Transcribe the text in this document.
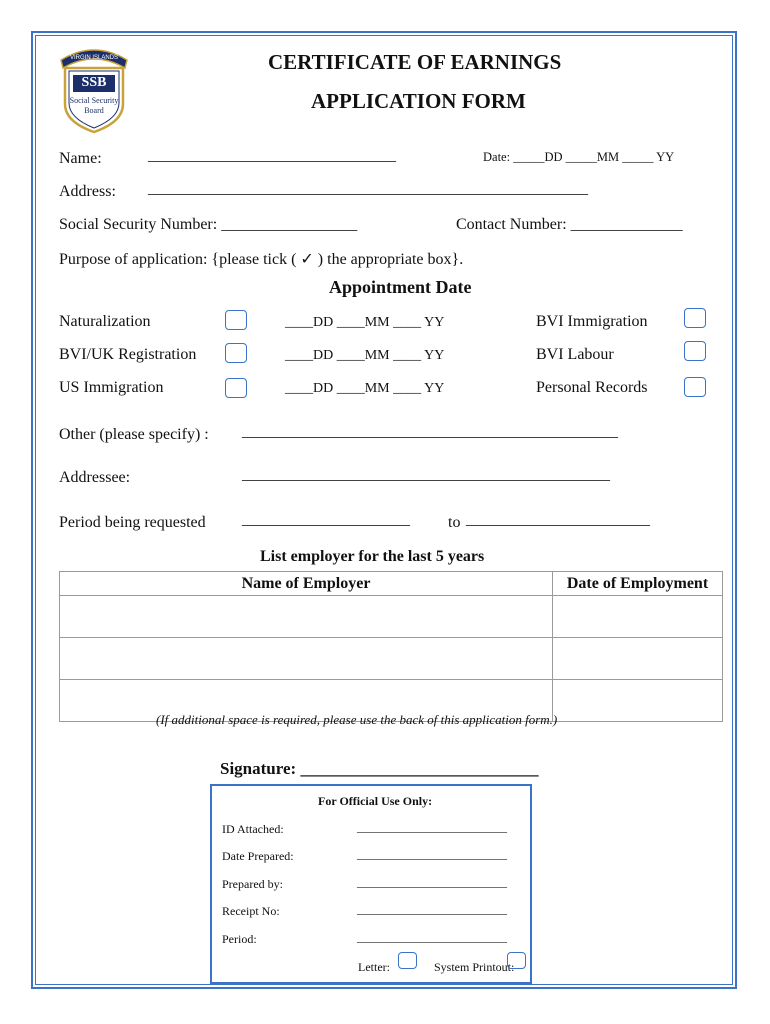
VIRGIN ISLANDS
SSB
Social Security
Board
CERTIFICATE OF EARNINGS
APPLICATION FORM
Name:	_______________________________	Date: _____DD _____MM _____ YY
Address: _______________________________________________________
Social Security Number: _________________	Contact Number: ______________
Purpose of application: {please tick ( ✓ ) the appropriate box}.
Appointment Date
Naturalization	____DD ____MM ____ YY	BVI Immigration
BVI/UK Registration	____DD ____MM ____ YY	BVI Labour
US Immigration	____DD ____MM ____ YY	Personal Records
Other (please specify) : _______________________________________________
Addressee:	______________________________________________
Period being requested _____________________ to _______________________
List employer for the last 5 years
Name of Employer	Date of Employment

(If additional space is required, please use the back of this application form.)
Signature: ____________________________
For Official Use Only:
ID Attached:	_________________________
Date Prepared:	_________________________
Prepared by:	_________________________
Receipt No:	_________________________
Period:	_________________________
Letter:	System Printout:
